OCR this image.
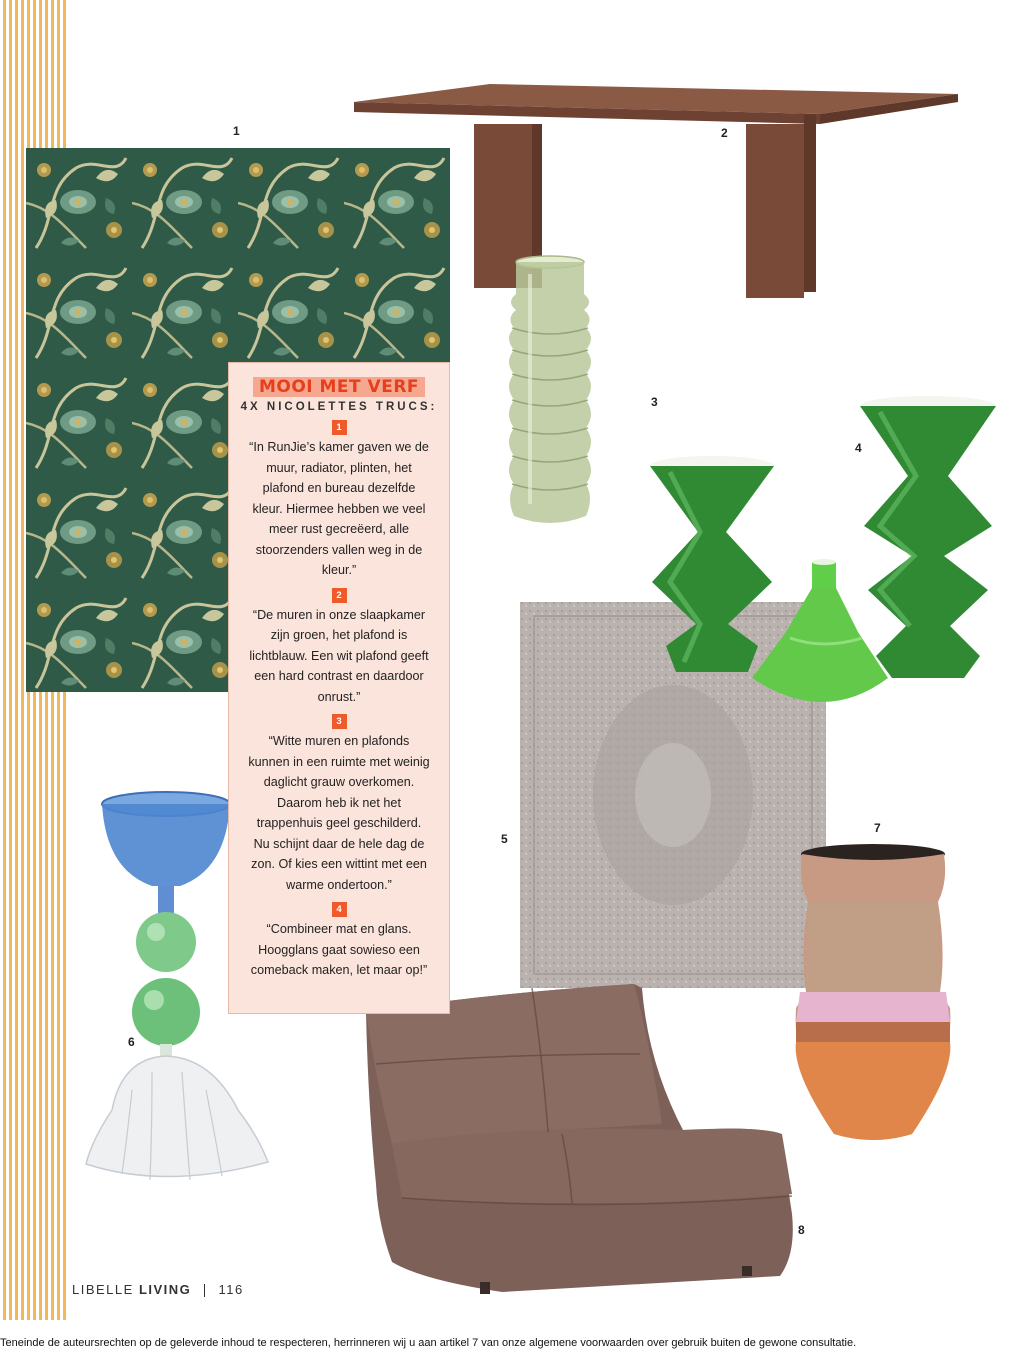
1	2
3
4
5
6
7
8
MOOI MET VERF
4X NICOLETTES TRUCS:
1
“In RunJie’s kamer gaven we de muur, radiator, plinten, het plafond en bureau dezelfde kleur. Hiermee hebben we veel meer rust gecreëerd, alle stoorzenders vallen weg in de kleur.”
2
“De muren in onze slaapkamer zijn groen, het plafond is lichtblauw. Een wit plafond geeft een hard contrast en daardoor onrust.”
3
“Witte muren en plafonds kunnen in een ruimte met weinig daglicht grauw overkomen. Daarom heb ik net het trappenhuis geel geschilderd. Nu schijnt daar de hele dag de zon. Of kies een wittint met een warme ondertoon.”
4
“Combineer mat en glans. Hoogglans gaat sowieso een comeback maken, let maar op!”
LIBELLE LIVING 116
Teneinde de auteursrechten op de geleverde inhoud te respecteren, herrinneren wij u aan artikel 7 van onze algemene voorwaarden over gebruik buiten de gewone consultatie.
